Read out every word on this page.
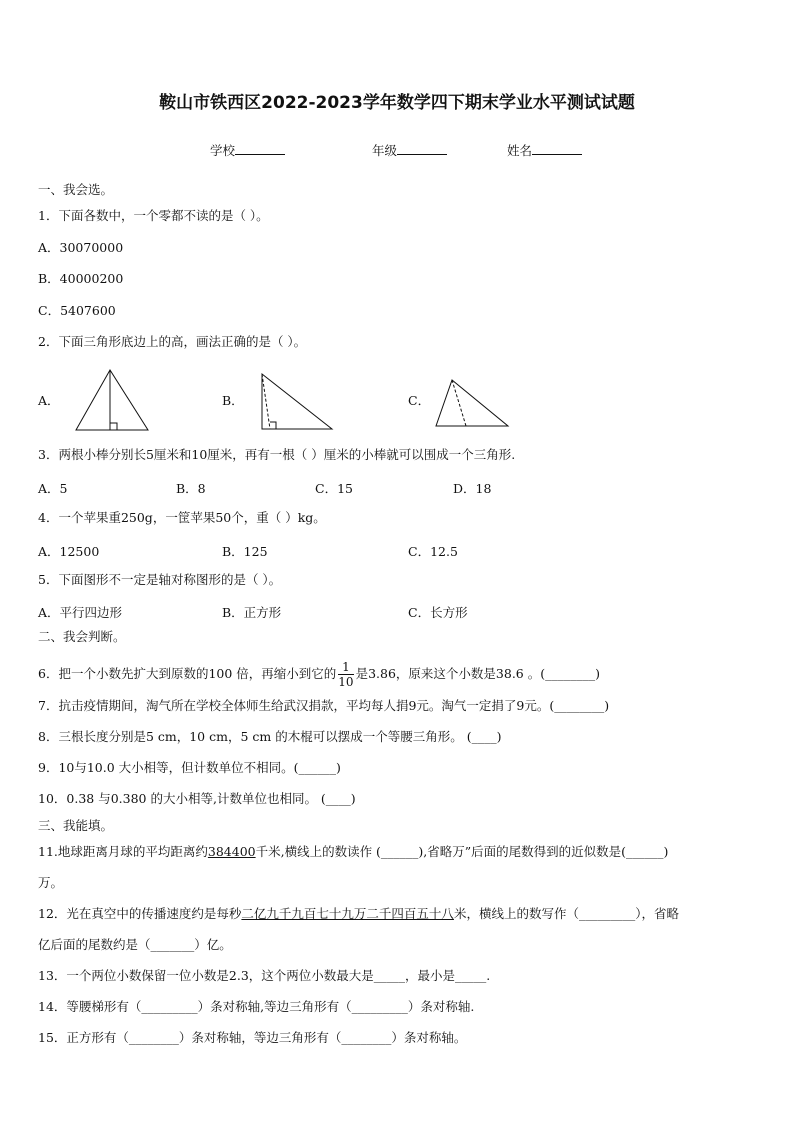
鞍山市铁西区2022-2023学年数学四下期末学业水平测试试题
学校	年级	姓名
一、我会选。
1．下面各数中，一个零都不读的是（ ）。
A．30070000
B．40000200
C．5407600
2．下面三角形底边上的高，画法正确的是（ ）。
A．	B．	C．
3．两根小棒分别长5厘米和10厘米，再有一根（ ）厘米的小棒就可以围成一个三角形.
A．5	B．8	C．15	D．18
4．一个苹果重250g，一筐苹果50个，重（ ）kg。
A．12500	B．125	C．12.5
5．下面图形不一定是轴对称图形的是（ ）。
A．平行四边形	B．正方形	C．长方形
二、我会判断。
6．把一个小数先扩大到原数的100 倍，再缩小到它的 $\frac{1}{10}$ 是3.86，原来这个小数是38.6 。(________)
7．抗击疫情期间，淘气所在学校全体师生给武汉捐款，平均每人捐9元。淘气一定捐了9元。(________)
8．三根长度分别是5 cm，10 cm，5 cm 的木棍可以摆成一个等腰三角形。 (____)
9．10与10.0 大小相等，但计数单位不相同。(______)
10．0.38 与0.380 的大小相等,计数单位也相同。 (____)
三、我能填。
11.地球距离月球的平均距离约384400千米,横线上的数读作 (______),省略万”后面的尾数得到的近似数是(______)
万。
12．光在真空中的传播速度约是每秒二亿九千九百七十九万二千四百五十八米，横线上的数写作（_________），省略
亿后面的尾数约是（_______）亿。
13．一个两位小数保留一位小数是2.3，这个两位小数最大是_____，最小是_____.
14．等腰梯形有（_________）条对称轴,等边三角形有（_________）条对称轴.
15．正方形有（________）条对称轴，等边三角形有（________）条对称轴。
